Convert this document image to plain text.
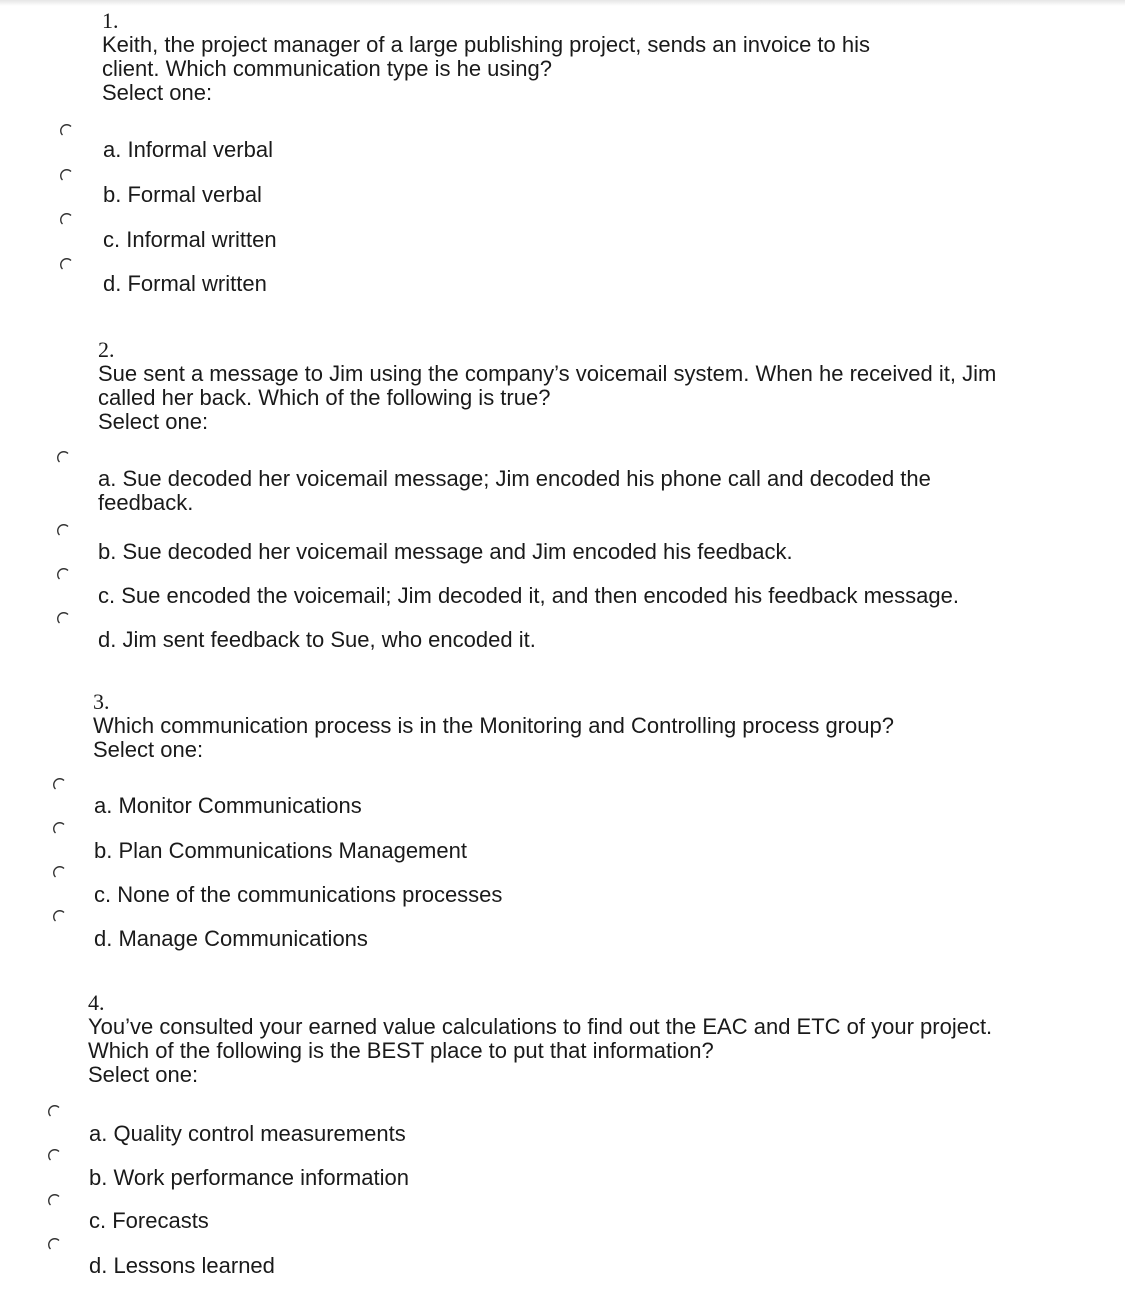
1.
Keith, the project manager of a large publishing project, sends an invoice to his client. Which communication type is he using?
Select one:
a. Informal verbal
b. Formal verbal
c. Informal written
d. Formal written
2.
Sue sent a message to Jim using the company’s voicemail system. When he received it, Jim called her back. Which of the following is true?
Select one:
a. Sue decoded her voicemail message; Jim encoded his phone call and decoded the feedback.
b. Sue decoded her voicemail message and Jim encoded his feedback.
c. Sue encoded the voicemail; Jim decoded it, and then encoded his feedback message.
d. Jim sent feedback to Sue, who encoded it.
3.
Which communication process is in the Monitoring and Controlling process group?
Select one:
a. Monitor Communications
b. Plan Communications Management
c. None of the communications processes
d. Manage Communications
4.
You’ve consulted your earned value calculations to find out the EAC and ETC of your project. Which of the following is the BEST place to put that information?
Select one:
a. Quality control measurements
b. Work performance information
c. Forecasts
d. Lessons learned
